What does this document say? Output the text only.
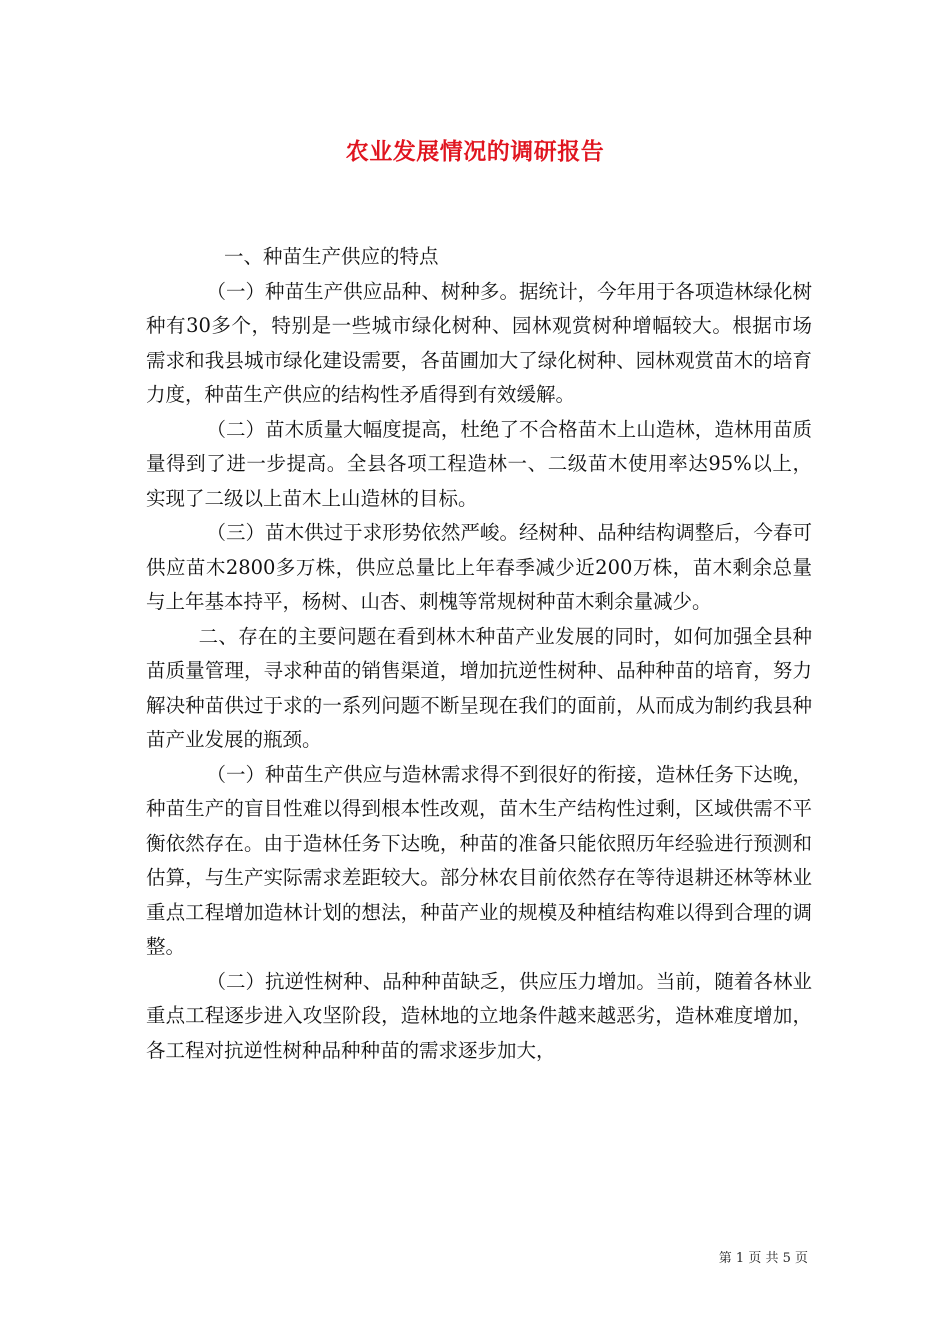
农业发展情况的调研报告

一、种苗生产供应的特点

（一）种苗生产供应品种、树种多。据统计，今年用于各项造林绿化树种有30多个，特别是一些城市绿化树种、园林观赏树种增幅较大。根据市场需求和我县城市绿化建设需要，各苗圃加大了绿化树种、园林观赏苗木的培育力度，种苗生产供应的结构性矛盾得到有效缓解。

（二）苗木质量大幅度提高，杜绝了不合格苗木上山造林，造林用苗质量得到了进一步提高。全县各项工程造林一、二级苗木使用率达95%以上，实现了二级以上苗木上山造林的目标。

（三）苗木供过于求形势依然严峻。经树种、品种结构调整后，今春可供应苗木2800多万株，供应总量比上年春季减少近200万株，苗木剩余总量与上年基本持平，杨树、山杏、刺槐等常规树种苗木剩余量减少。

二、存在的主要问题在看到林木种苗产业发展的同时，如何加强全县种苗质量管理，寻求种苗的销售渠道，增加抗逆性树种、品种种苗的培育，努力解决种苗供过于求的一系列问题不断呈现在我们的面前，从而成为制约我县种苗产业发展的瓶颈。

（一）种苗生产供应与造林需求得不到很好的衔接，造林任务下达晚，种苗生产的盲目性难以得到根本性改观，苗木生产结构性过剩，区域供需不平衡依然存在。由于造林任务下达晚，种苗的准备只能依照历年经验进行预测和估算，与生产实际需求差距较大。部分林农目前依然存在等待退耕还林等林业重点工程增加造林计划的想法，种苗产业的规模及种植结构难以得到合理的调整。

（二）抗逆性树种、品种种苗缺乏，供应压力增加。当前，随着各林业重点工程逐步进入攻坚阶段，造林地的立地条件越来越恶劣，造林难度增加，各工程对抗逆性树种品种种苗的需求逐步加大，

第 1 页 共 5 页
